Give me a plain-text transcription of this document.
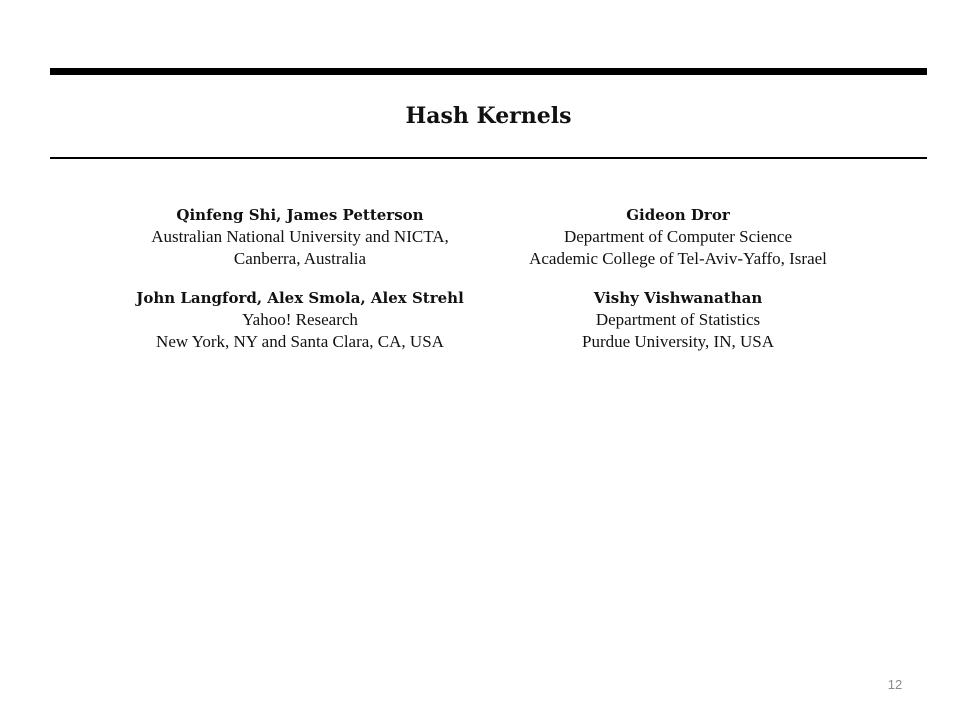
Hash Kernels
Qinfeng Shi, James Petterson
Australian National University and NICTA,
Canberra, Australia
Gideon Dror
Department of Computer Science
Academic College of Tel-Aviv-Yaffo, Israel
John Langford, Alex Smola, Alex Strehl
Yahoo! Research
New York, NY and Santa Clara, CA, USA
Vishy Vishwanathan
Department of Statistics
Purdue University, IN, USA
12
